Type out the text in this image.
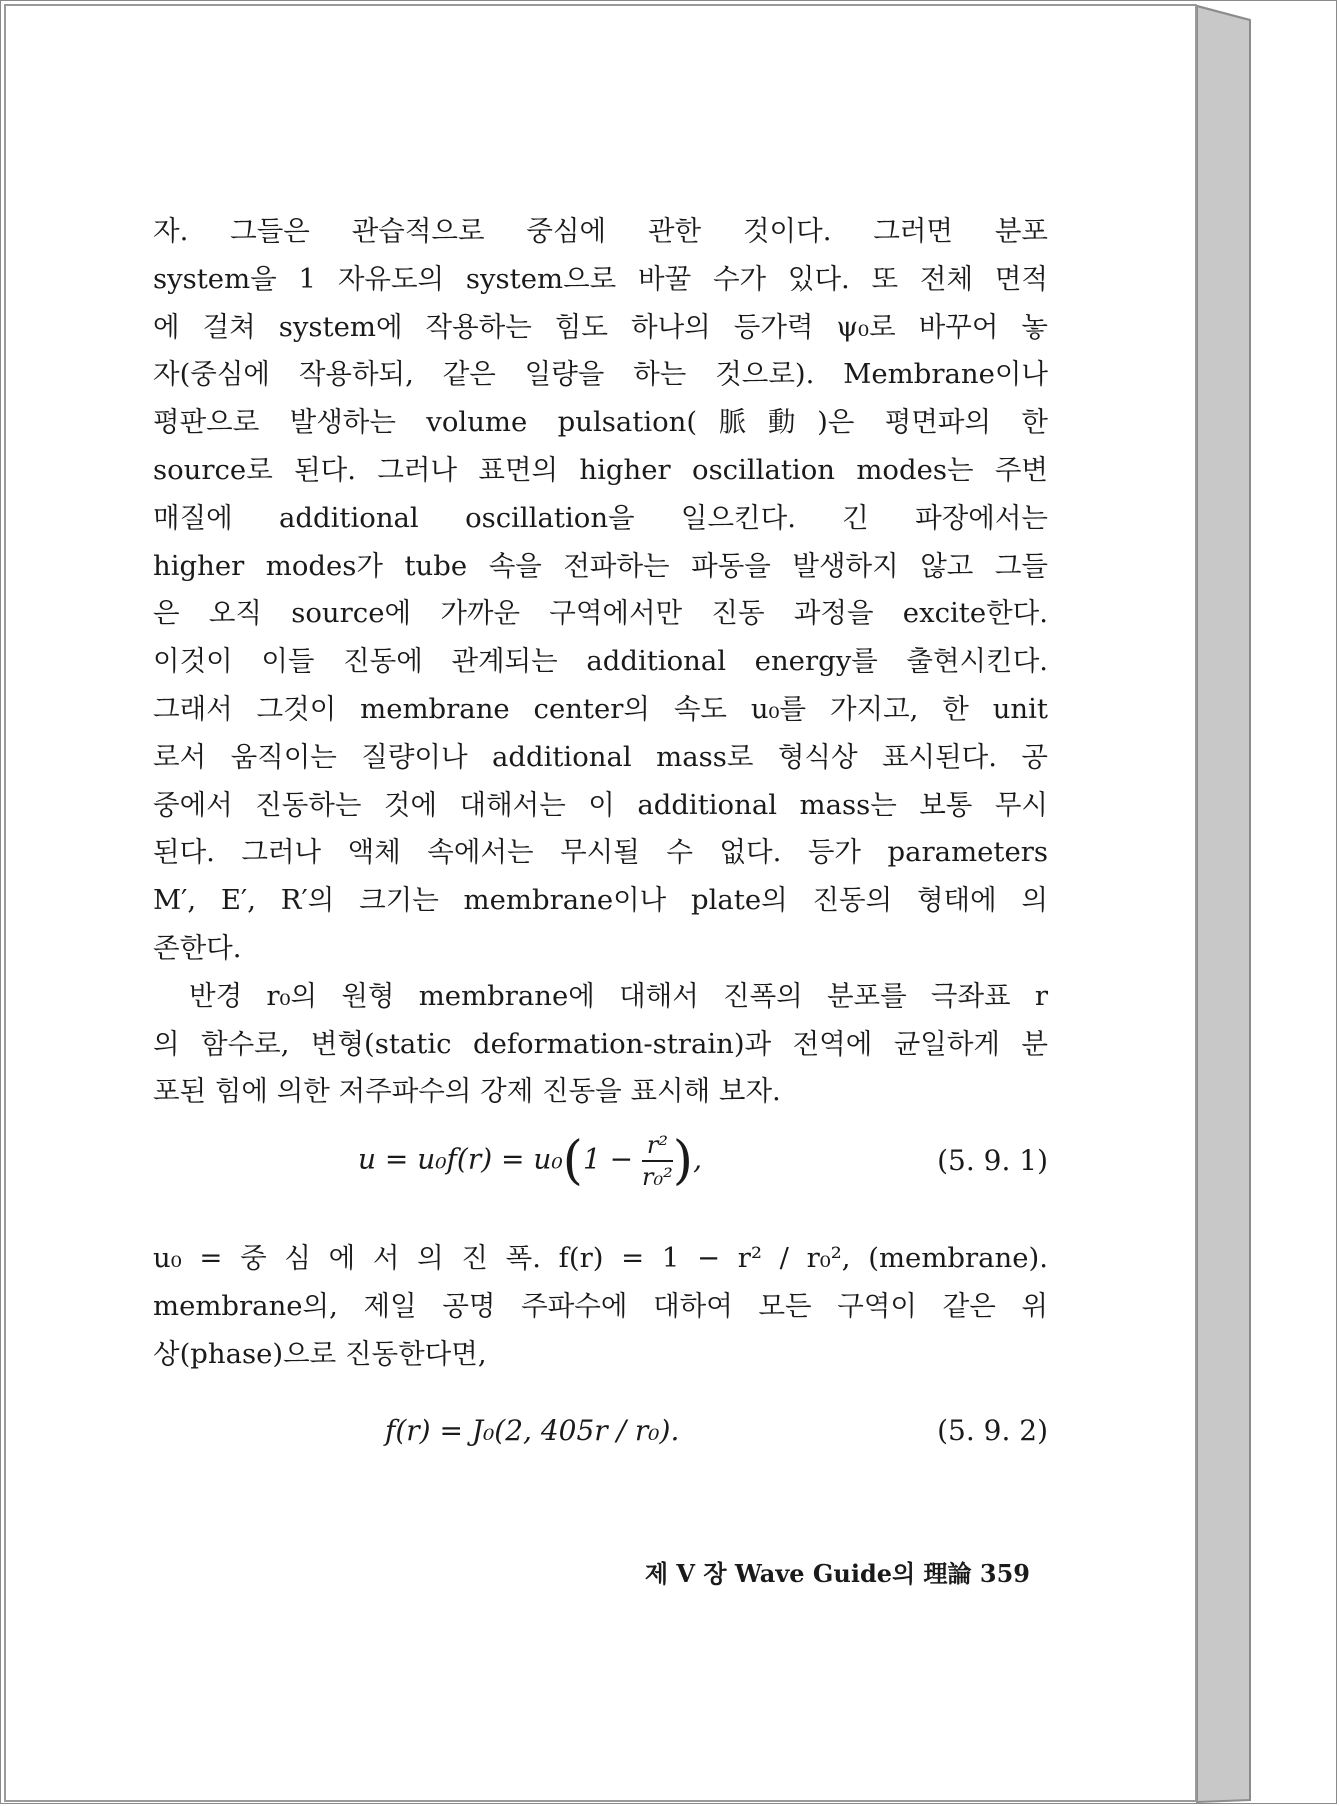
자. 그들은 관습적으로 중심에 관한 것이다. 그러면 분포
system을 1 자유도의 system으로 바꿀 수가 있다. 또 전체 면적
에 걸쳐 system에 작용하는 힘도 하나의 등가력 ψ₀로 바꾸어 놓
자(중심에 작용하되, 같은 일량을 하는 것으로). Membrane이나
평판으로 발생하는 volume pulsation(脈動)은 평면파의 한
source로 된다. 그러나 표면의 higher oscillation modes는 주변
매질에 additional oscillation을 일으킨다. 긴 파장에서는
higher modes가 tube 속을 전파하는 파동을 발생하지 않고 그들
은 오직 source에 가까운 구역에서만 진동 과정을 excite한다.
이것이 이들 진동에 관계되는 additional energy를 출현시킨다.
그래서 그것이 membrane center의 속도 u₀를 가지고, 한 unit
로서 움직이는 질량이나 additional mass로 형식상 표시된다. 공
중에서 진동하는 것에 대해서는 이 additional mass는 보통 무시
된다. 그러나 액체 속에서는 무시될 수 없다. 등가 parameters
M′, E′, R′의 크기는 membrane이나 plate의 진동의 형태에 의
존한다.
반경 r₀의 원형 membrane에 대해서 진폭의 분포를 극좌표 r
의 함수로, 변형(static deformation-strain)과 전역에 균일하게 분
포된 힘에 의한 저주파수의 강제 진동을 표시해 보자.
$u = u_0f(r) = u_0(1 - \frac{\text{r²}}{\text{r₀²}}$ ),	(5. 9. 1)
u₀ = 중 심 에 서 의 진 폭. f(r) = 1 − r² / r₀², (membrane).
membrane의, 제일 공명 주파수에 대하여 모든 구역이 같은 위
상(phase)으로 진동한다면,
f(r) = J₀(2, 405r / r₀).	(5. 9. 2)
제 V 장 Wave Guide의 理論 359
